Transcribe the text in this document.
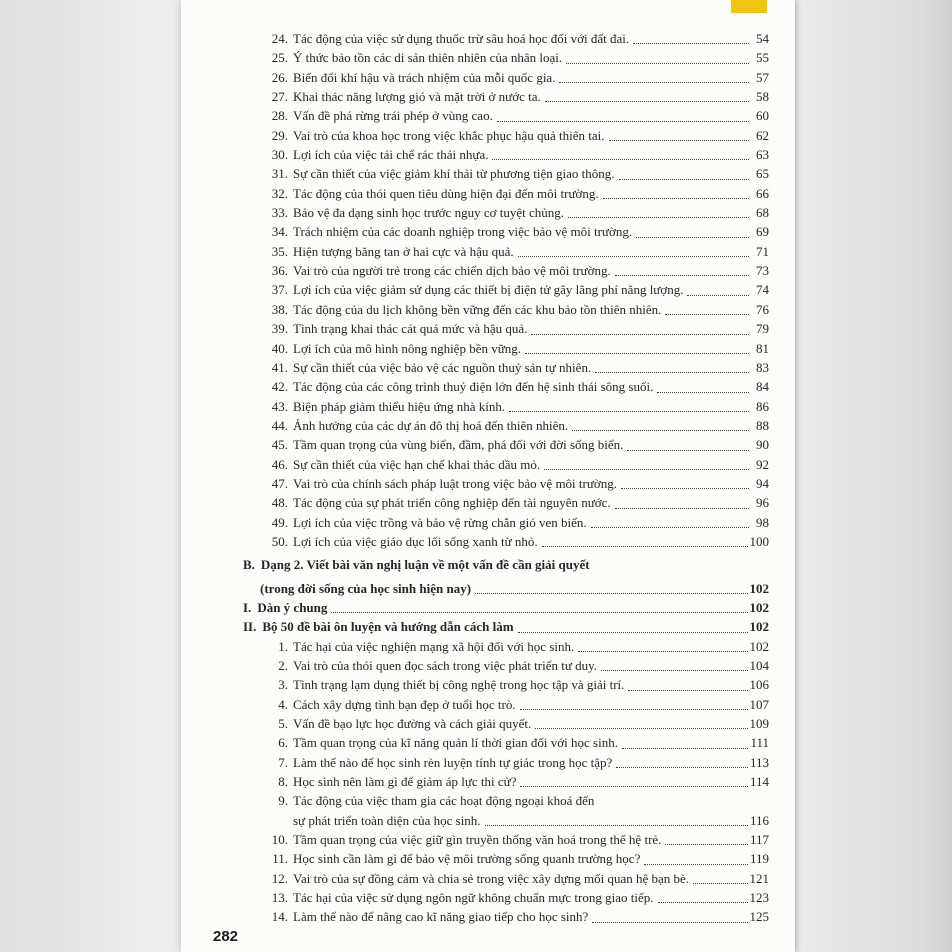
24. Tác động của việc sử dụng thuốc trừ sâu hoá học đối với đất đai.	54
25. Ý thức bảo tồn các di sản thiên nhiên của nhân loại.	55
26. Biến đổi khí hậu và trách nhiệm của mỗi quốc gia.	57
27. Khai thác năng lượng gió và mặt trời ở nước ta.	58
28. Vấn đề phá rừng trái phép ở vùng cao.	60
29. Vai trò của khoa học trong việc khắc phục hậu quả thiên tai.	62
30. Lợi ích của việc tái chế rác thải nhựa.	63
31. Sự cần thiết của việc giảm khí thải từ phương tiện giao thông.	65
32. Tác động của thói quen tiêu dùng hiện đại đến môi trường.	66
33. Bảo vệ đa dạng sinh học trước nguy cơ tuyệt chủng.	68
34. Trách nhiệm của các doanh nghiệp trong việc bảo vệ môi trường.	69
35. Hiện tượng băng tan ở hai cực và hậu quả.	71
36. Vai trò của người trẻ trong các chiến dịch bảo vệ môi trường.	73
37. Lợi ích của việc giảm sử dụng các thiết bị điện tử gây lãng phí năng lượng.	74
38. Tác động của du lịch không bền vững đến các khu bảo tồn thiên nhiên.	76
39. Tình trạng khai thác cát quá mức và hậu quả.	79
40. Lợi ích của mô hình nông nghiệp bền vững.	81
41. Sự cần thiết của việc bảo vệ các nguồn thuỷ sản tự nhiên.	83
42. Tác động của các công trình thuỷ điện lớn đến hệ sinh thái sông suối.	84
43. Biện pháp giảm thiểu hiệu ứng nhà kính.	86
44. Ảnh hưởng của các dự án đô thị hoá đến thiên nhiên.	88
45. Tầm quan trọng của vùng biển, đầm, phá đối với đời sống biển.	90
46. Sự cần thiết của việc hạn chế khai thác dầu mỏ.	92
47. Vai trò của chính sách pháp luật trong việc bảo vệ môi trường.	94
48. Tác động của sự phát triển công nghiệp đến tài nguyên nước.	96
49. Lợi ích của việc trồng và bảo vệ rừng chắn gió ven biển.	98
50. Lợi ích của việc giáo dục lối sống xanh từ nhỏ.	100
B. Dạng 2. Viết bài văn nghị luận về một vấn đề cần giải quyết
(trong đời sống của học sinh hiện nay)	102
I. Dàn ý chung	102
II. Bộ 50 đề bài ôn luyện và hướng dẫn cách làm	102
1. Tác hại của việc nghiện mạng xã hội đối với học sinh.	102
2. Vai trò của thói quen đọc sách trong việc phát triển tư duy.	104
3. Tình trạng lạm dụng thiết bị công nghệ trong học tập và giải trí.	106
4. Cách xây dựng tình bạn đẹp ở tuổi học trò.	107
5. Vấn đề bạo lực học đường và cách giải quyết.	109
6. Tầm quan trọng của kĩ năng quản lí thời gian đối với học sinh.	111
7. Làm thế nào để học sinh rèn luyện tính tự giác trong học tập?	113
8. Học sinh nên làm gì để giảm áp lực thi cử?	114
9. Tác động của việc tham gia các hoạt động ngoại khoá đến
sự phát triển toàn diện của học sinh.	116
10. Tầm quan trọng của việc giữ gìn truyền thống văn hoá trong thế hệ trẻ.	117
11. Học sinh cần làm gì để bảo vệ môi trường sống quanh trường học?	119
12. Vai trò của sự đồng cảm và chia sẻ trong việc xây dựng mối quan hệ bạn bè.	121
13. Tác hại của việc sử dụng ngôn ngữ không chuẩn mực trong giao tiếp.	123
14. Làm thế nào để nâng cao kĩ năng giao tiếp cho học sinh?	125
282
